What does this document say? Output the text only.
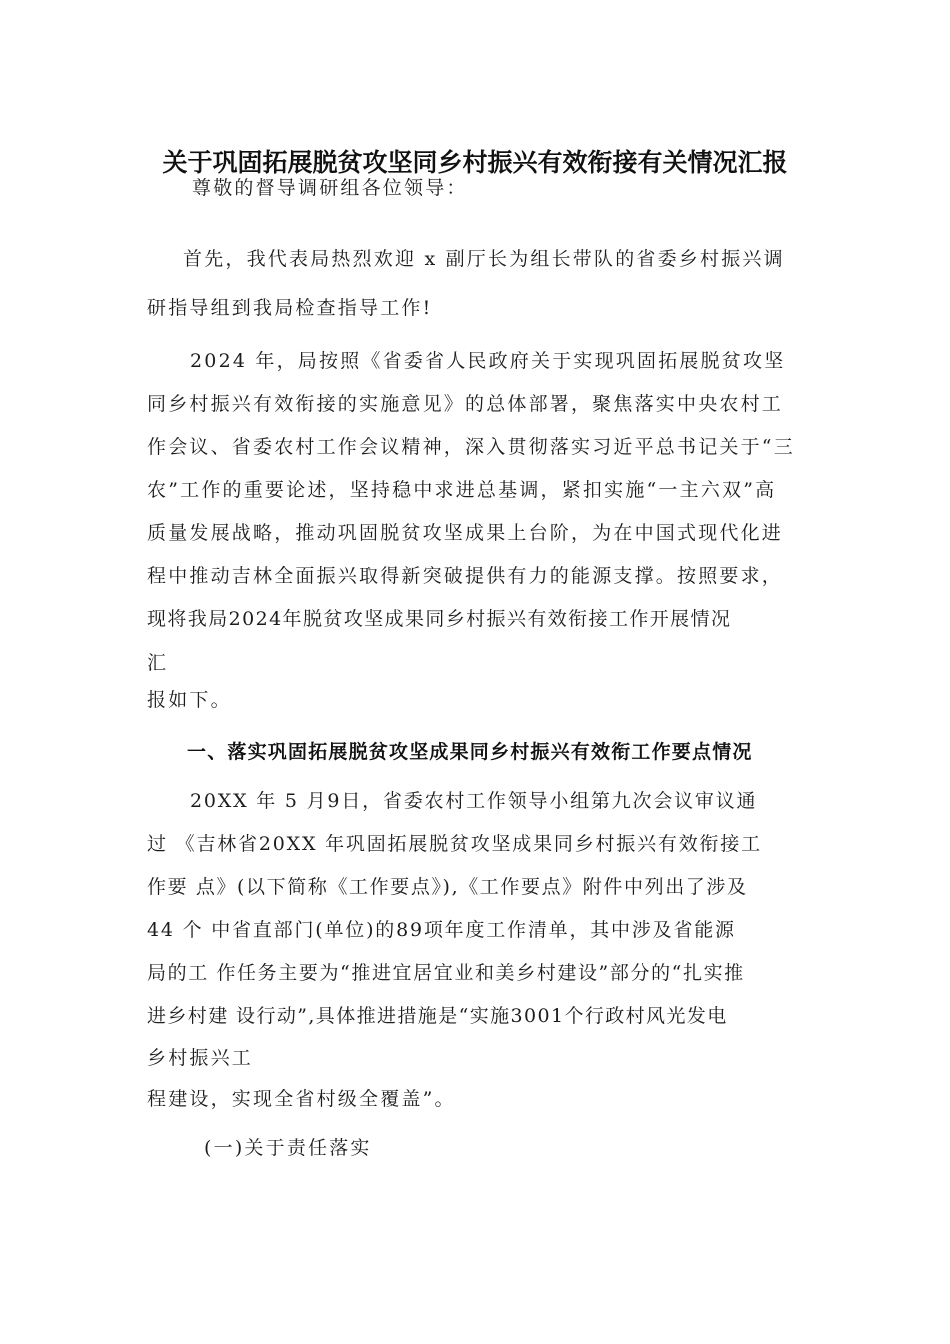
关于巩固拓展脱贫攻坚同乡村振兴有效衔接有关情况汇报
尊敬的督导调研组各位领导：
首先，我代表局热烈欢迎 x 副厅长为组长带队的省委乡村振兴调
研指导组到我局检查指导工作!
2024 年，局按照《省委省人民政府关于实现巩固拓展脱贫攻坚
同乡村振兴有效衔接的实施意见》的总体部署，聚焦落实中央农村工
作会议、省委农村工作会议精神，深入贯彻落实习近平总书记关于“三
农”工作的重要论述，坚持稳中求进总基调，紧扣实施“一主六双”高
质量发展战略，推动巩固脱贫攻坚成果上台阶，为在中国式现代化进
程中推动吉林全面振兴取得新突破提供有力的能源支撑。按照要求，
现将我局2024年脱贫攻坚成果同乡村振兴有效衔接工作开展情况
汇
报如下。
一、落实巩固拓展脱贫攻坚成果同乡村振兴有效衔工作要点情况
20XX 年 5 月9日，省委农村工作领导小组第九次会议审议通
过 《吉林省20XX 年巩固拓展脱贫攻坚成果同乡村振兴有效衔接工
作要 点》(以下简称《工作要点》),《工作要点》附件中列出了涉及
44 个 中省直部门(单位)的89项年度工作清单，其中涉及省能源
局的工 作任务主要为“推进宜居宜业和美乡村建设”部分的“扎实推
进乡村建 设行动”,具体推进措施是“实施3001个行政村风光发电
乡村振兴工
程建设，实现全省村级全覆盖”。
(一)关于责任落实
